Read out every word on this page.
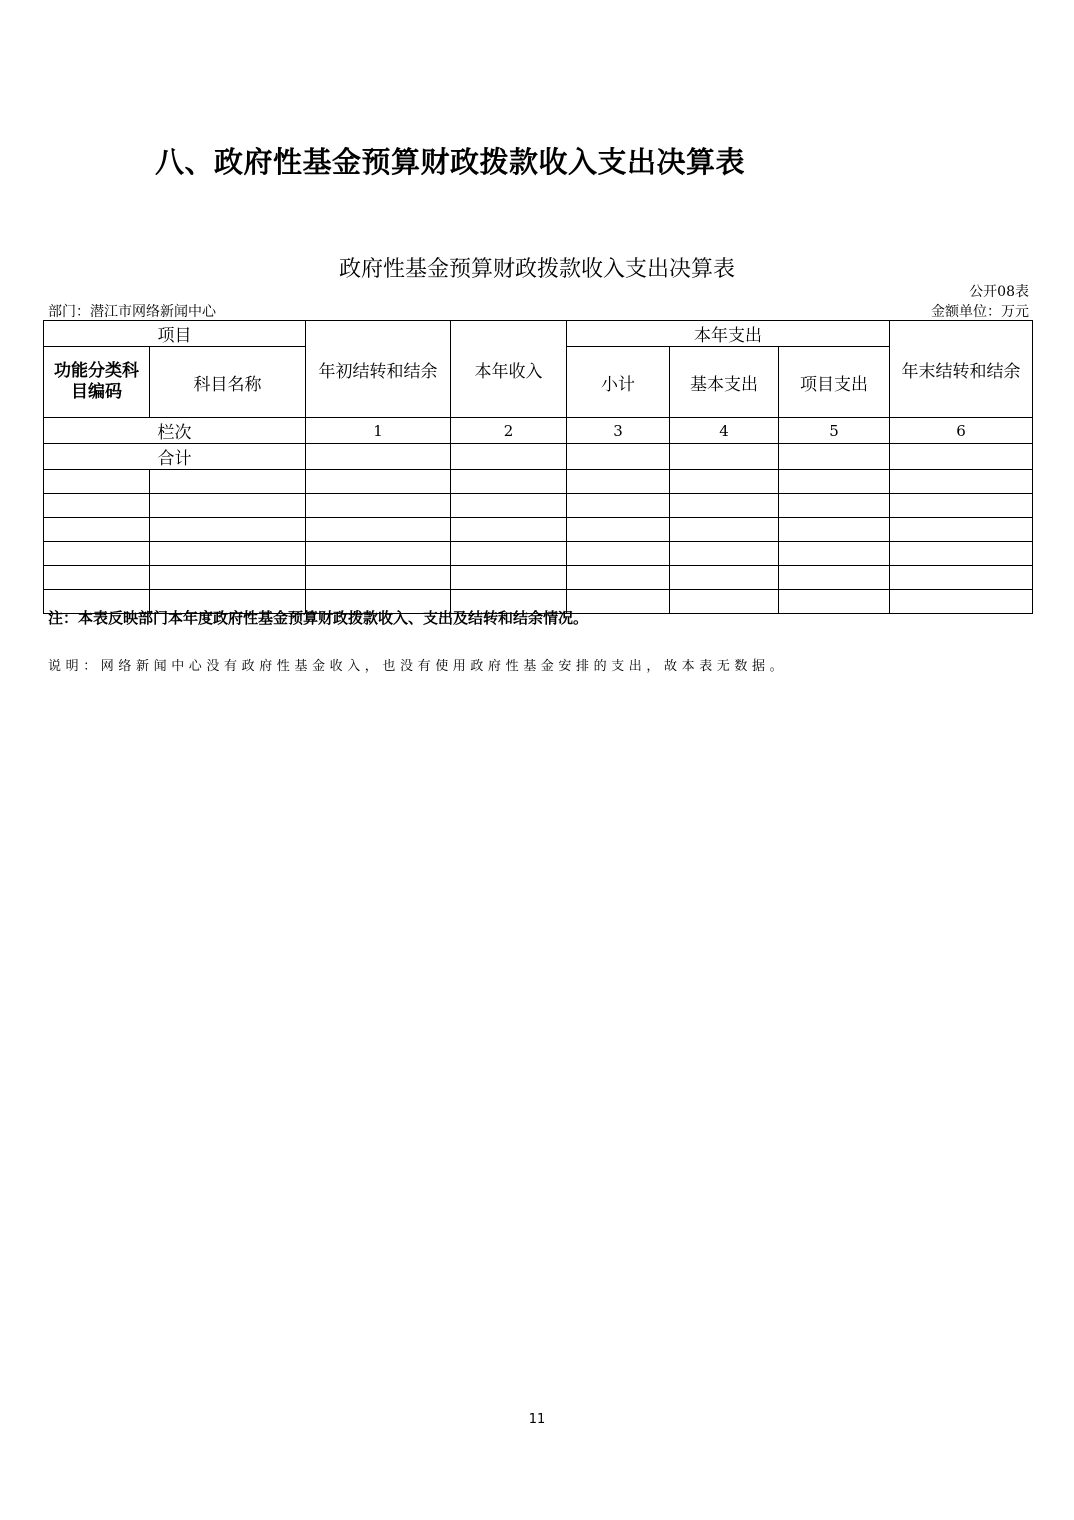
八、政府性基金预算财政拨款收入支出决算表
政府性基金预算财政拨款收入支出决算表
公开08表
部门：潜江市网络新闻中心	金额单位：万元
项目		年初结转和结余	本年收入	本年支出			年末结转和结余
功能分类科目编码	科目名称			小计	基本支出	项目支出	
栏次		1	2	3	4	5	6
合计							

注：本表反映部门本年度政府性基金预算财政拨款收入、支出及结转和结余情况。
说明：网络新闻中心没有政府性基金收入，也没有使用政府性基金安排的支出，故本表无数据。
11
